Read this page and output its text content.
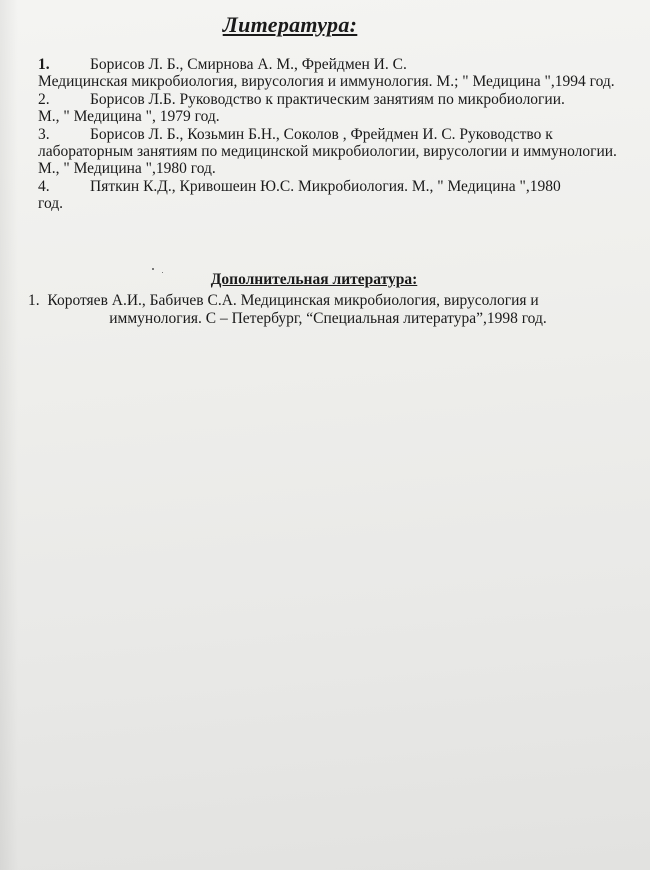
Литература:
1.	Борисов Л. Б., Смирнова А. М., Фрейдмен И. С.
Медицинская микробиология, вирусология и иммунология. М.; " Медицина ",1994 год.
2.	Борисов Л.Б. Руководство к практическим занятиям по микробиологии.
М., " Медицина ", 1979 год.
3.	Борисов Л. Б., Козьмин Б.Н., Соколов , Фрейдмен И. С. Руководство к
лабораторным занятиям по медицинской микробиологии, вирусологии и иммунологии. М., " Медицина ",1980 год.
4.	Пяткин К.Д., Кривошеин Ю.С. Микробиология. М., " Медицина ",1980
год.
Дополнительная литература:
1. Коротяев А.И., Бабичев С.А. Медицинская микробиология, вирусология и
иммунология. С – Петербург, “Специальная литература”,1998 год.
